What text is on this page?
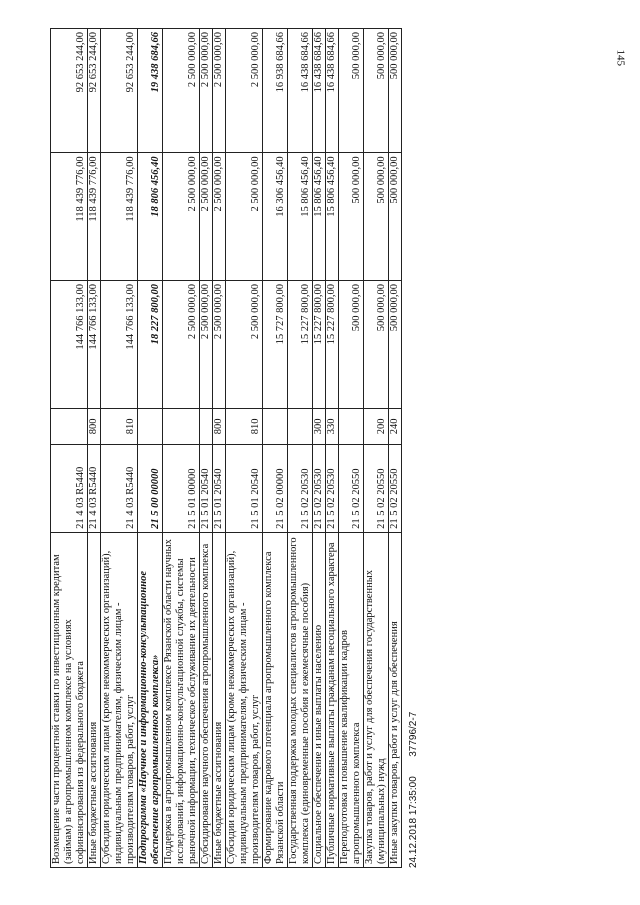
145
Возмещение части процентной ставки по инвестиционным кредитам (займам) в агропромышленном комплексе на условиях софинансирования из федерального бюджета	21 4 03 R5440		144 766 133,00	118 439 776,00	92 653 244,00
Иные бюджетные ассигнования	21 4 03 R5440	800	144 766 133,00	118 439 776,00	92 653 244,00
Субсидии юридическим лицам (кроме некоммерческих организаций), индивидуальным предпринимателям, физическим лицам - производителям товаров, работ, услуг	21 4 03 R5440	810	144 766 133,00	118 439 776,00	92 653 244,00
Подпрограмма «Научное и информационно-консультационное обеспечение агропромышленного комплекса»	21 5 00 00000		18 227 800,00	18 806 456,40	19 438 684,66
Поддержка в агропромышленном комплексе Рязанской области научных исследований, информационно-консультационной службы, системы рыночной информации, техническое обслуживание их деятельности	21 5 01 00000		2 500 000,00	2 500 000,00	2 500 000,00
Субсидирование научного обеспечения агропромышленного комплекса	21 5 01 20540		2 500 000,00	2 500 000,00	2 500 000,00
Иные бюджетные ассигнования	21 5 01 20540	800	2 500 000,00	2 500 000,00	2 500 000,00
Субсидии юридическим лицам (кроме некоммерческих организаций), индивидуальным предпринимателям, физическим лицам - производителям товаров, работ, услуг	21 5 01 20540	810	2 500 000,00	2 500 000,00	2 500 000,00
Формирование кадрового потенциала агропромышленного комплекса Рязанской области	21 5 02 00000		15 727 800,00	16 306 456,40	16 938 684,66
Государственная поддержка молодых специалистов агропромышленного комплекса (единовременные пособия и ежемесячные пособия)	21 5 02 20530		15 227 800,00	15 806 456,40	16 438 684,66
Социальное обеспечение и иные выплаты населению	21 5 02 20530	300	15 227 800,00	15 806 456,40	16 438 684,66
Публичные нормативные выплаты гражданам несоциального характера	21 5 02 20530	330	15 227 800,00	15 806 456,40	16 438 684,66
Переподготовка и повышение квалификации кадров агропромышленного комплекса	21 5 02 20550		500 000,00	500 000,00	500 000,00
Закупка товаров, работ и услуг для обеспечения государственных (муниципальных) нужд	21 5 02 20550	200	500 000,00	500 000,00	500 000,00
Иные закупки товаров, работ и услуг для обеспечения	21 5 02 20550	240	500 000,00	500 000,00	500 000,00
24.12.2018 17:35:00       37796/2-7
